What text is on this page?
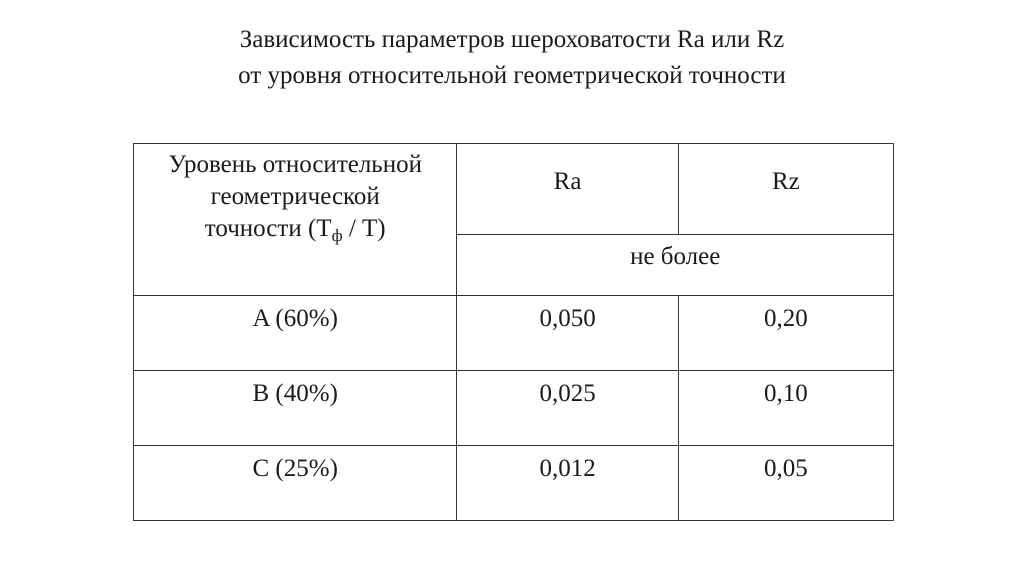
Зависимость параметров шероховатости Ra или Rz
от уровня относительной геометрической точности
Уровень относительной
геометрической
точности $(T_ф / T)$	Ra	Rz
	не более	
A (60%)	0,050	0,20
B (40%)	0,025	0,10
C (25%)	0,012	0,05
